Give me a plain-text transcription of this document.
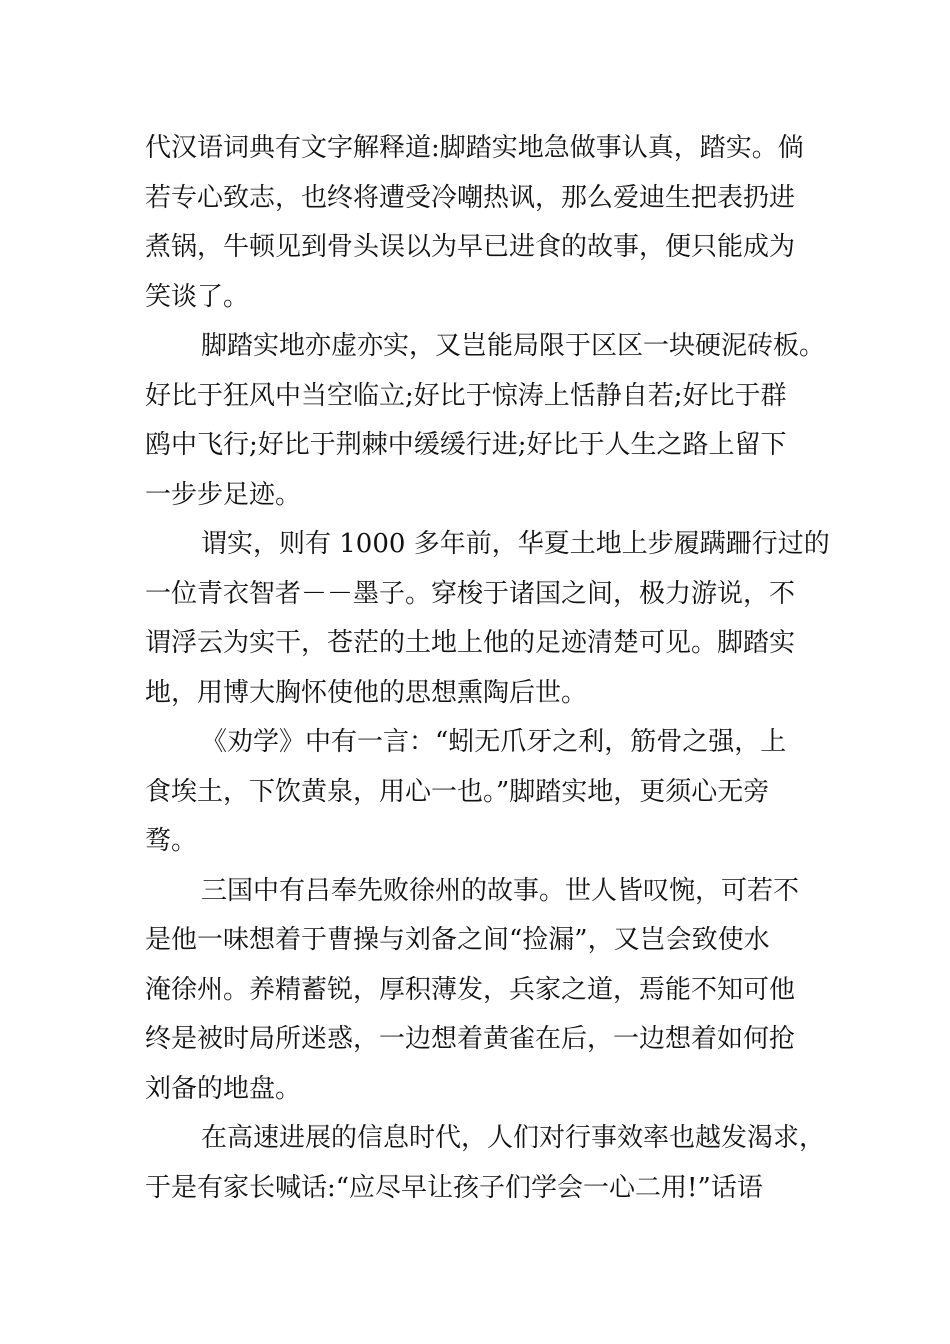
代汉语词典有文字解释道:脚踏实地急做事认真，踏实。倘
若专心致志，也终将遭受冷嘲热讽，那么爱迪生把表扔进
煮锅，牛顿见到骨头误以为早已进食的故事，便只能成为
笑谈了。
脚踏实地亦虚亦实，又岂能局限于区区一块硬泥砖板。
好比于狂风中当空临立;好比于惊涛上恬静自若;好比于群
鸥中飞行;好比于荆棘中缓缓行进;好比于人生之路上留下
一步步足迹。
谓实，则有 1000 多年前，华夏土地上步履蹒跚行过的
一位青衣智者－－墨子。穿梭于诸国之间，极力游说，不
谓浮云为实干，苍茫的土地上他的足迹清楚可见。脚踏实
地，用博大胸怀使他的思想熏陶后世。
《劝学》中有一言：“蚓无爪牙之利，筋骨之强，上
食埃土，下饮黄泉，用心一也。”脚踏实地，更须心无旁
骛。
三国中有吕奉先败徐州的故事。世人皆叹惋，可若不
是他一味想着于曹操与刘备之间“捡漏”，又岂会致使水
淹徐州。养精蓄锐，厚积薄发，兵家之道，焉能不知可他
终是被时局所迷惑，一边想着黄雀在后，一边想着如何抢
刘备的地盘。
在高速进展的信息时代，人们对行事效率也越发渴求，
于是有家长喊话:“应尽早让孩子们学会一心二用!”话语
